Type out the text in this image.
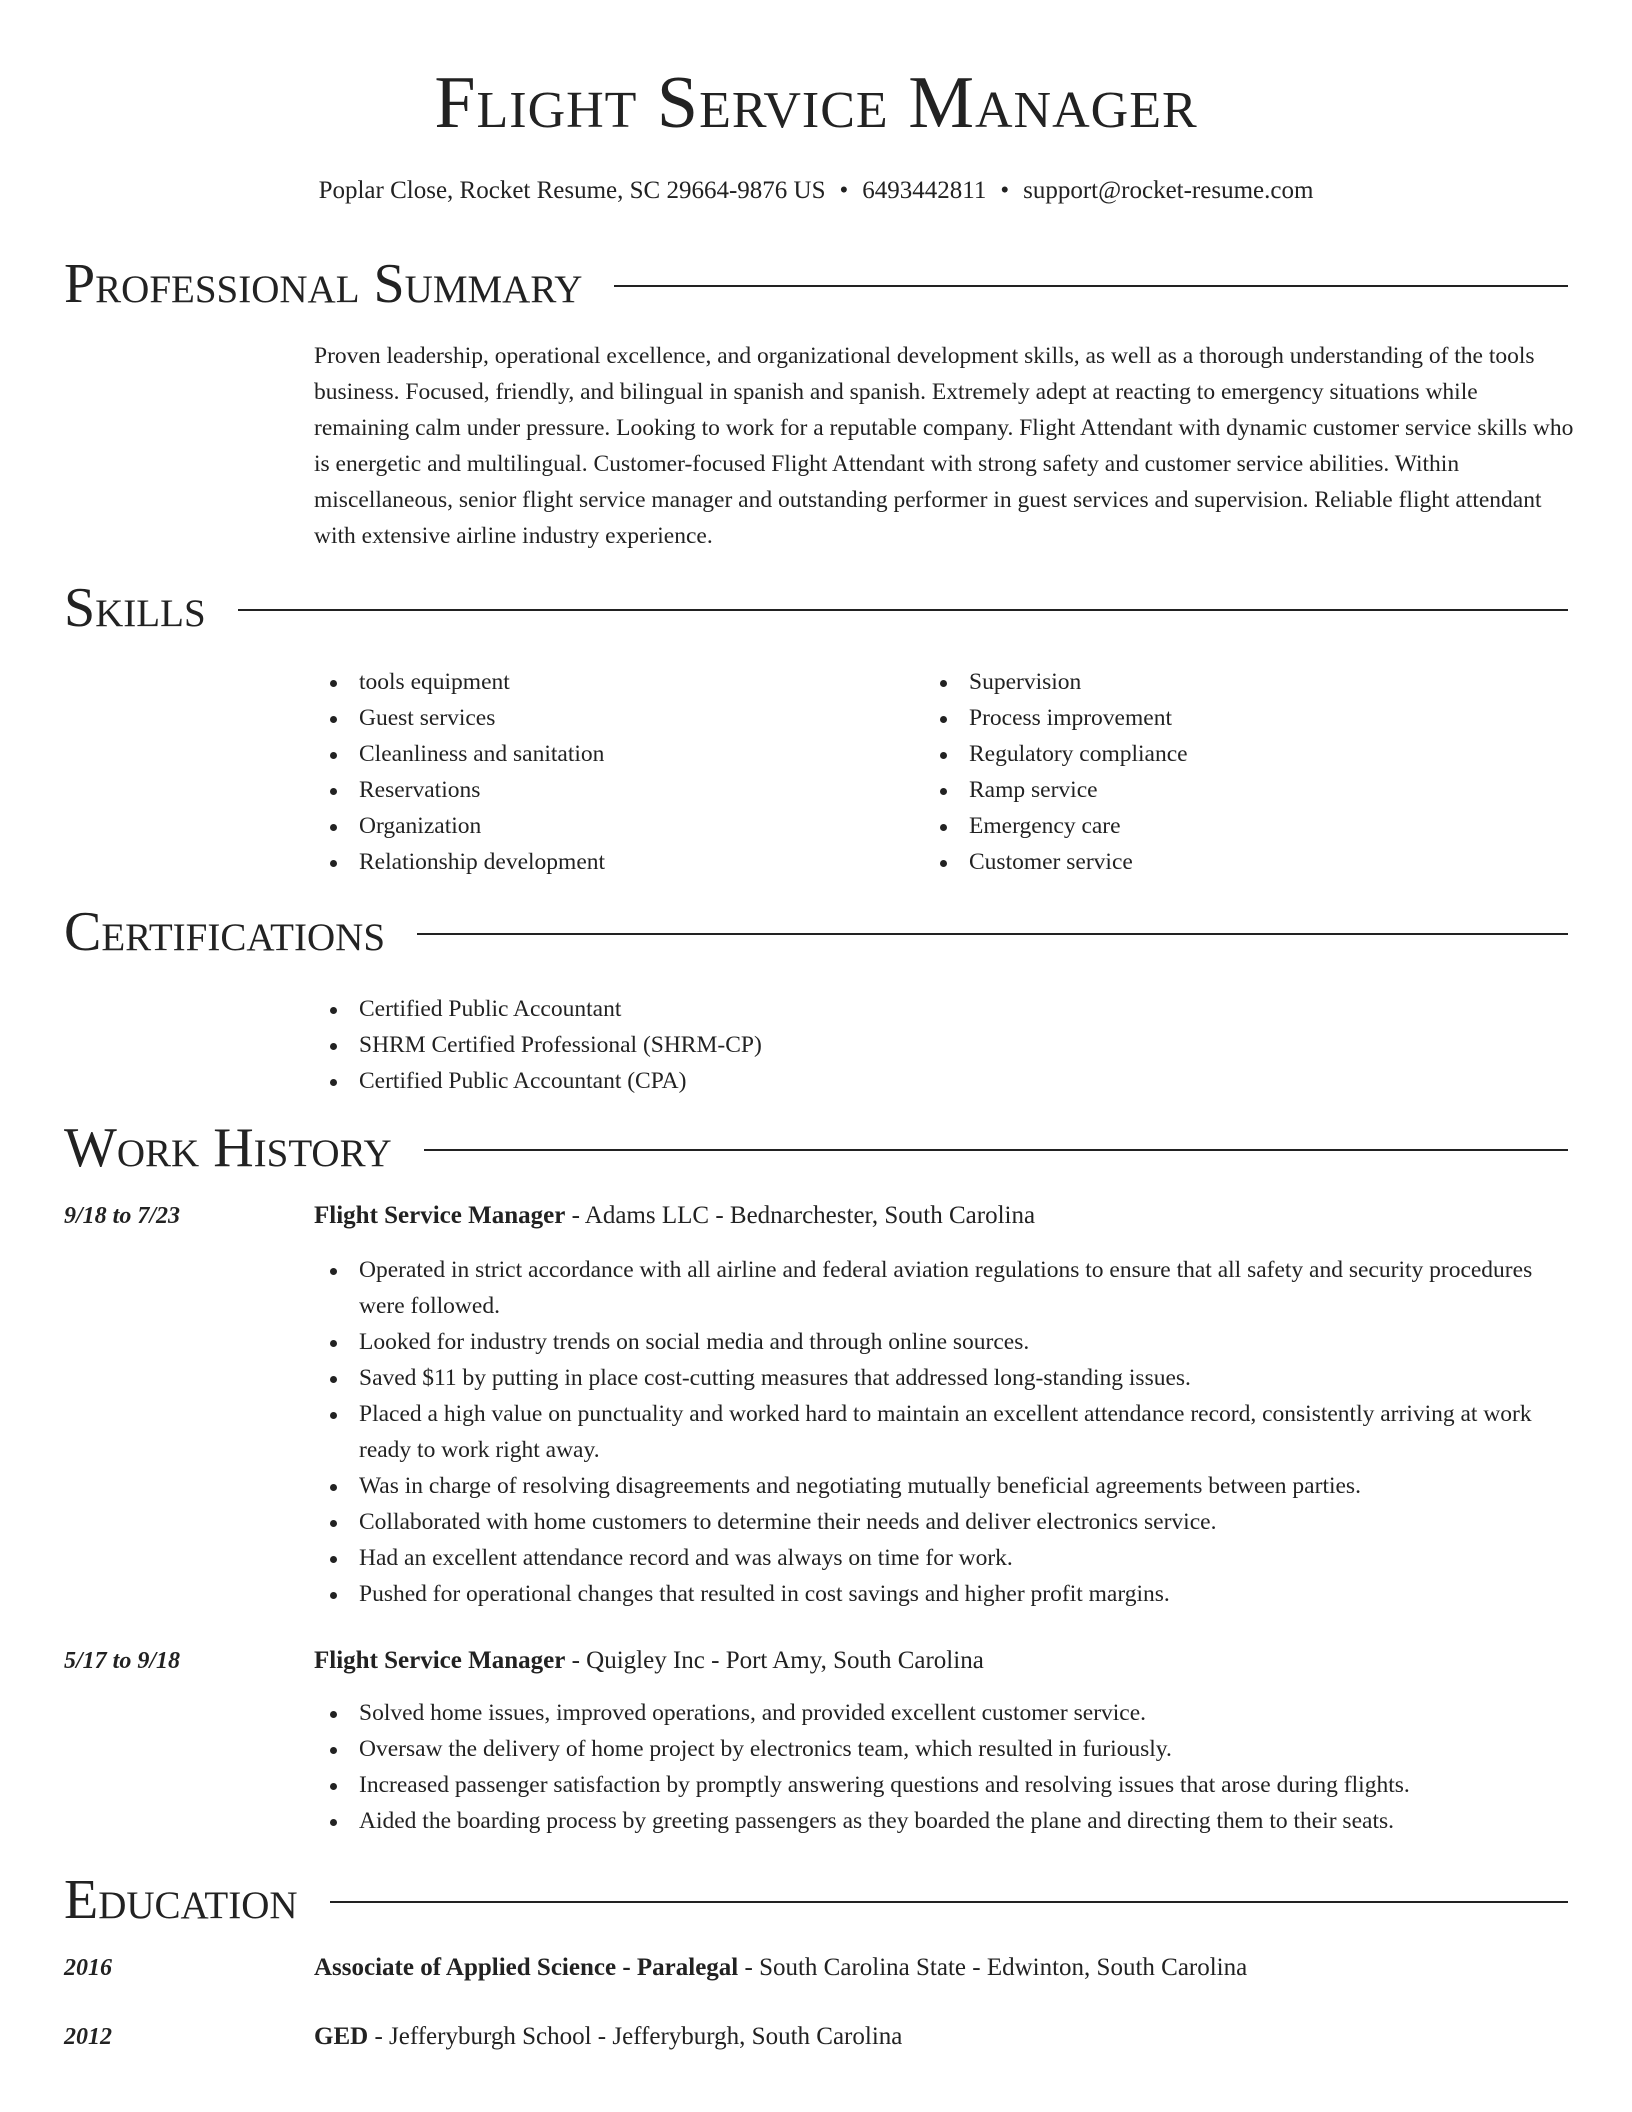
Flight Service Manager
Poplar Close, Rocket Resume, SC 29664-9876 US • 6493442811 • support@rocket-resume.com
Professional Summary
Proven leadership, operational excellence, and organizational development skills, as well as a thorough understanding of the tools business. Focused, friendly, and bilingual in spanish and spanish. Extremely adept at reacting to emergency situations while remaining calm under pressure. Looking to work for a reputable company. Flight Attendant with dynamic customer service skills who is energetic and multilingual. Customer-focused Flight Attendant with strong safety and customer service abilities. Within miscellaneous, senior flight service manager and outstanding performer in guest services and supervision. Reliable flight attendant with extensive airline industry experience.
Skills
tools equipment
Guest services
Cleanliness and sanitation
Reservations
Organization
Relationship development
Supervision
Process improvement
Regulatory compliance
Ramp service
Emergency care
Customer service
Certifications
Certified Public Accountant
SHRM Certified Professional (SHRM-CP)
Certified Public Accountant (CPA)
Work History
9/18 to 7/23	Flight Service Manager - Adams LLC - Bednarchester, South Carolina
Operated in strict accordance with all airline and federal aviation regulations to ensure that all safety and security procedures were followed.
Looked for industry trends on social media and through online sources.
Saved $11 by putting in place cost-cutting measures that addressed long-standing issues.
Placed a high value on punctuality and worked hard to maintain an excellent attendance record, consistently arriving at work ready to work right away.
Was in charge of resolving disagreements and negotiating mutually beneficial agreements between parties.
Collaborated with home customers to determine their needs and deliver electronics service.
Had an excellent attendance record and was always on time for work.
Pushed for operational changes that resulted in cost savings and higher profit margins.
5/17 to 9/18	Flight Service Manager - Quigley Inc - Port Amy, South Carolina
Solved home issues, improved operations, and provided excellent customer service.
Oversaw the delivery of home project by electronics team, which resulted in furiously.
Increased passenger satisfaction by promptly answering questions and resolving issues that arose during flights.
Aided the boarding process by greeting passengers as they boarded the plane and directing them to their seats.
Education
2016	Associate of Applied Science - Paralegal - South Carolina State - Edwinton, South Carolina
2012	GED - Jefferyburgh School - Jefferyburgh, South Carolina
